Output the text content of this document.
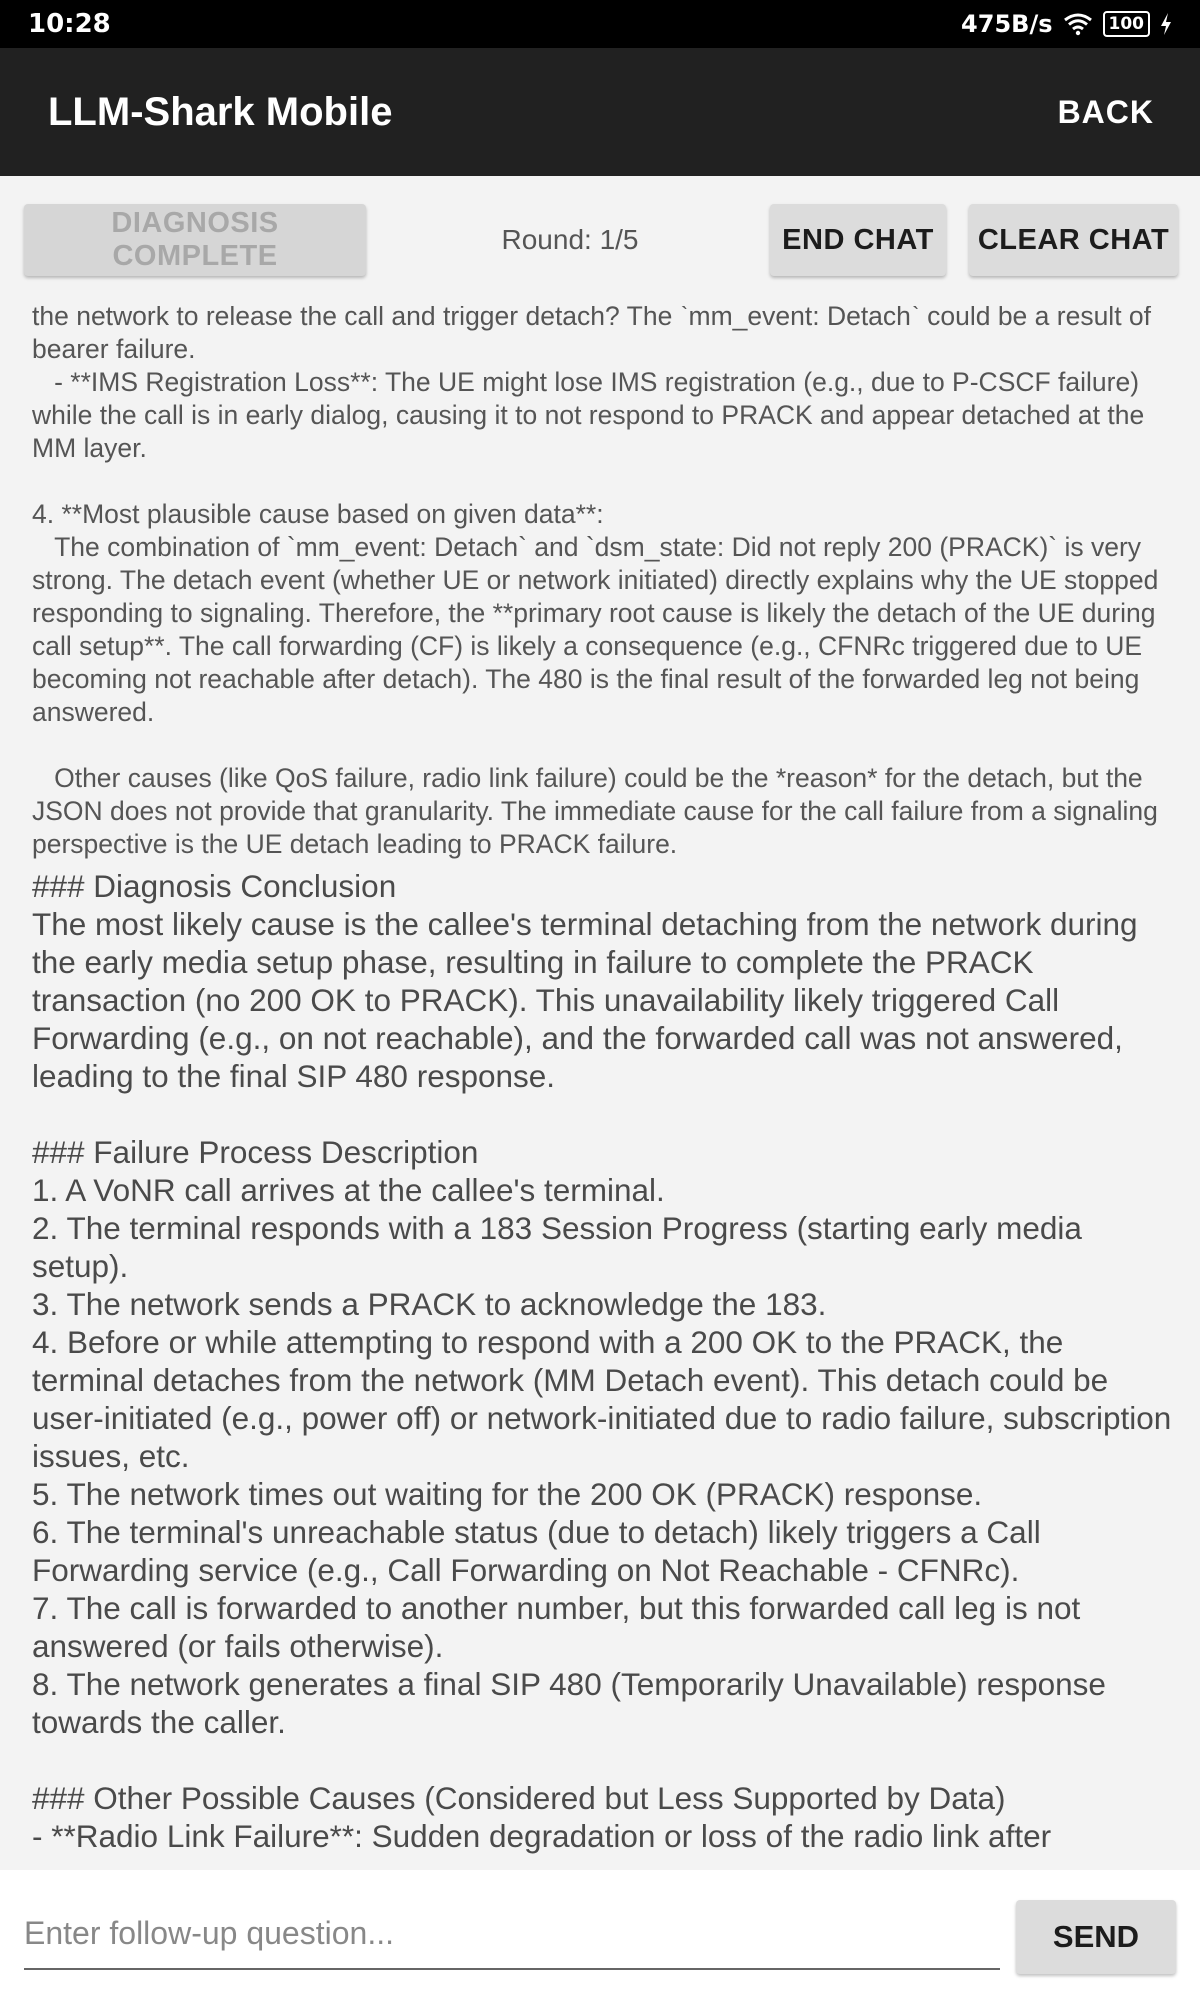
10:28	475B/s	100
LLM-Shark Mobile	BACK
DIAGNOSIS COMPLETE
Round: 1/5	END CHAT	CLEAR CHAT

the network to release the call and trigger detach? The `mm_event: Detach` could be a result of bearer failure.
- **IMS Registration Loss**: The UE might lose IMS registration (e.g., due to P-CSCF failure) while the call is in early dialog, causing it to not respond to PRACK and appear detached at the MM layer.

4. **Most plausible cause based on given data**:
The combination of `mm_event: Detach` and `dsm_state: Did not reply 200 (PRACK)` is very strong. The detach event (whether UE or network initiated) directly explains why the UE stopped responding to signaling. Therefore, the **primary root cause is likely the detach of the UE during call setup**. The call forwarding (CF) is likely a consequence (e.g., CFNRc triggered due to UE becoming not reachable after detach). The 480 is the final result of the forwarded leg not being answered.

Other causes (like QoS failure, radio link failure) could be the *reason* for the detach, but the JSON does not provide that granularity. The immediate cause for the call failure from a signaling perspective is the UE detach leading to PRACK failure.

### Diagnosis Conclusion
The most likely cause is the callee's terminal detaching from the network during the early media setup phase, resulting in failure to complete the PRACK transaction (no 200 OK to PRACK). This unavailability likely triggered Call Forwarding (e.g., on not reachable), and the forwarded call was not answered, leading to the final SIP 480 response.

### Failure Process Description
1. A VoNR call arrives at the callee's terminal.
2. The terminal responds with a 183 Session Progress (starting early media setup).
3. The network sends a PRACK to acknowledge the 183.
4. Before or while attempting to respond with a 200 OK to the PRACK, the terminal detaches from the network (MM Detach event). This detach could be user-initiated (e.g., power off) or network-initiated due to radio failure, subscription issues, etc.
5. The network times out waiting for the 200 OK (PRACK) response.
6. The terminal's unreachable status (due to detach) likely triggers a Call Forwarding service (e.g., Call Forwarding on Not Reachable - CFNRc).
7. The call is forwarded to another number, but this forwarded call leg is not answered (or fails otherwise).
8. The network generates a final SIP 480 (Temporarily Unavailable) response towards the caller.

### Other Possible Causes (Considered but Less Supported by Data)
- **Radio Link Failure**: Sudden degradation or loss of the radio link after

Enter follow-up question...
SEND
